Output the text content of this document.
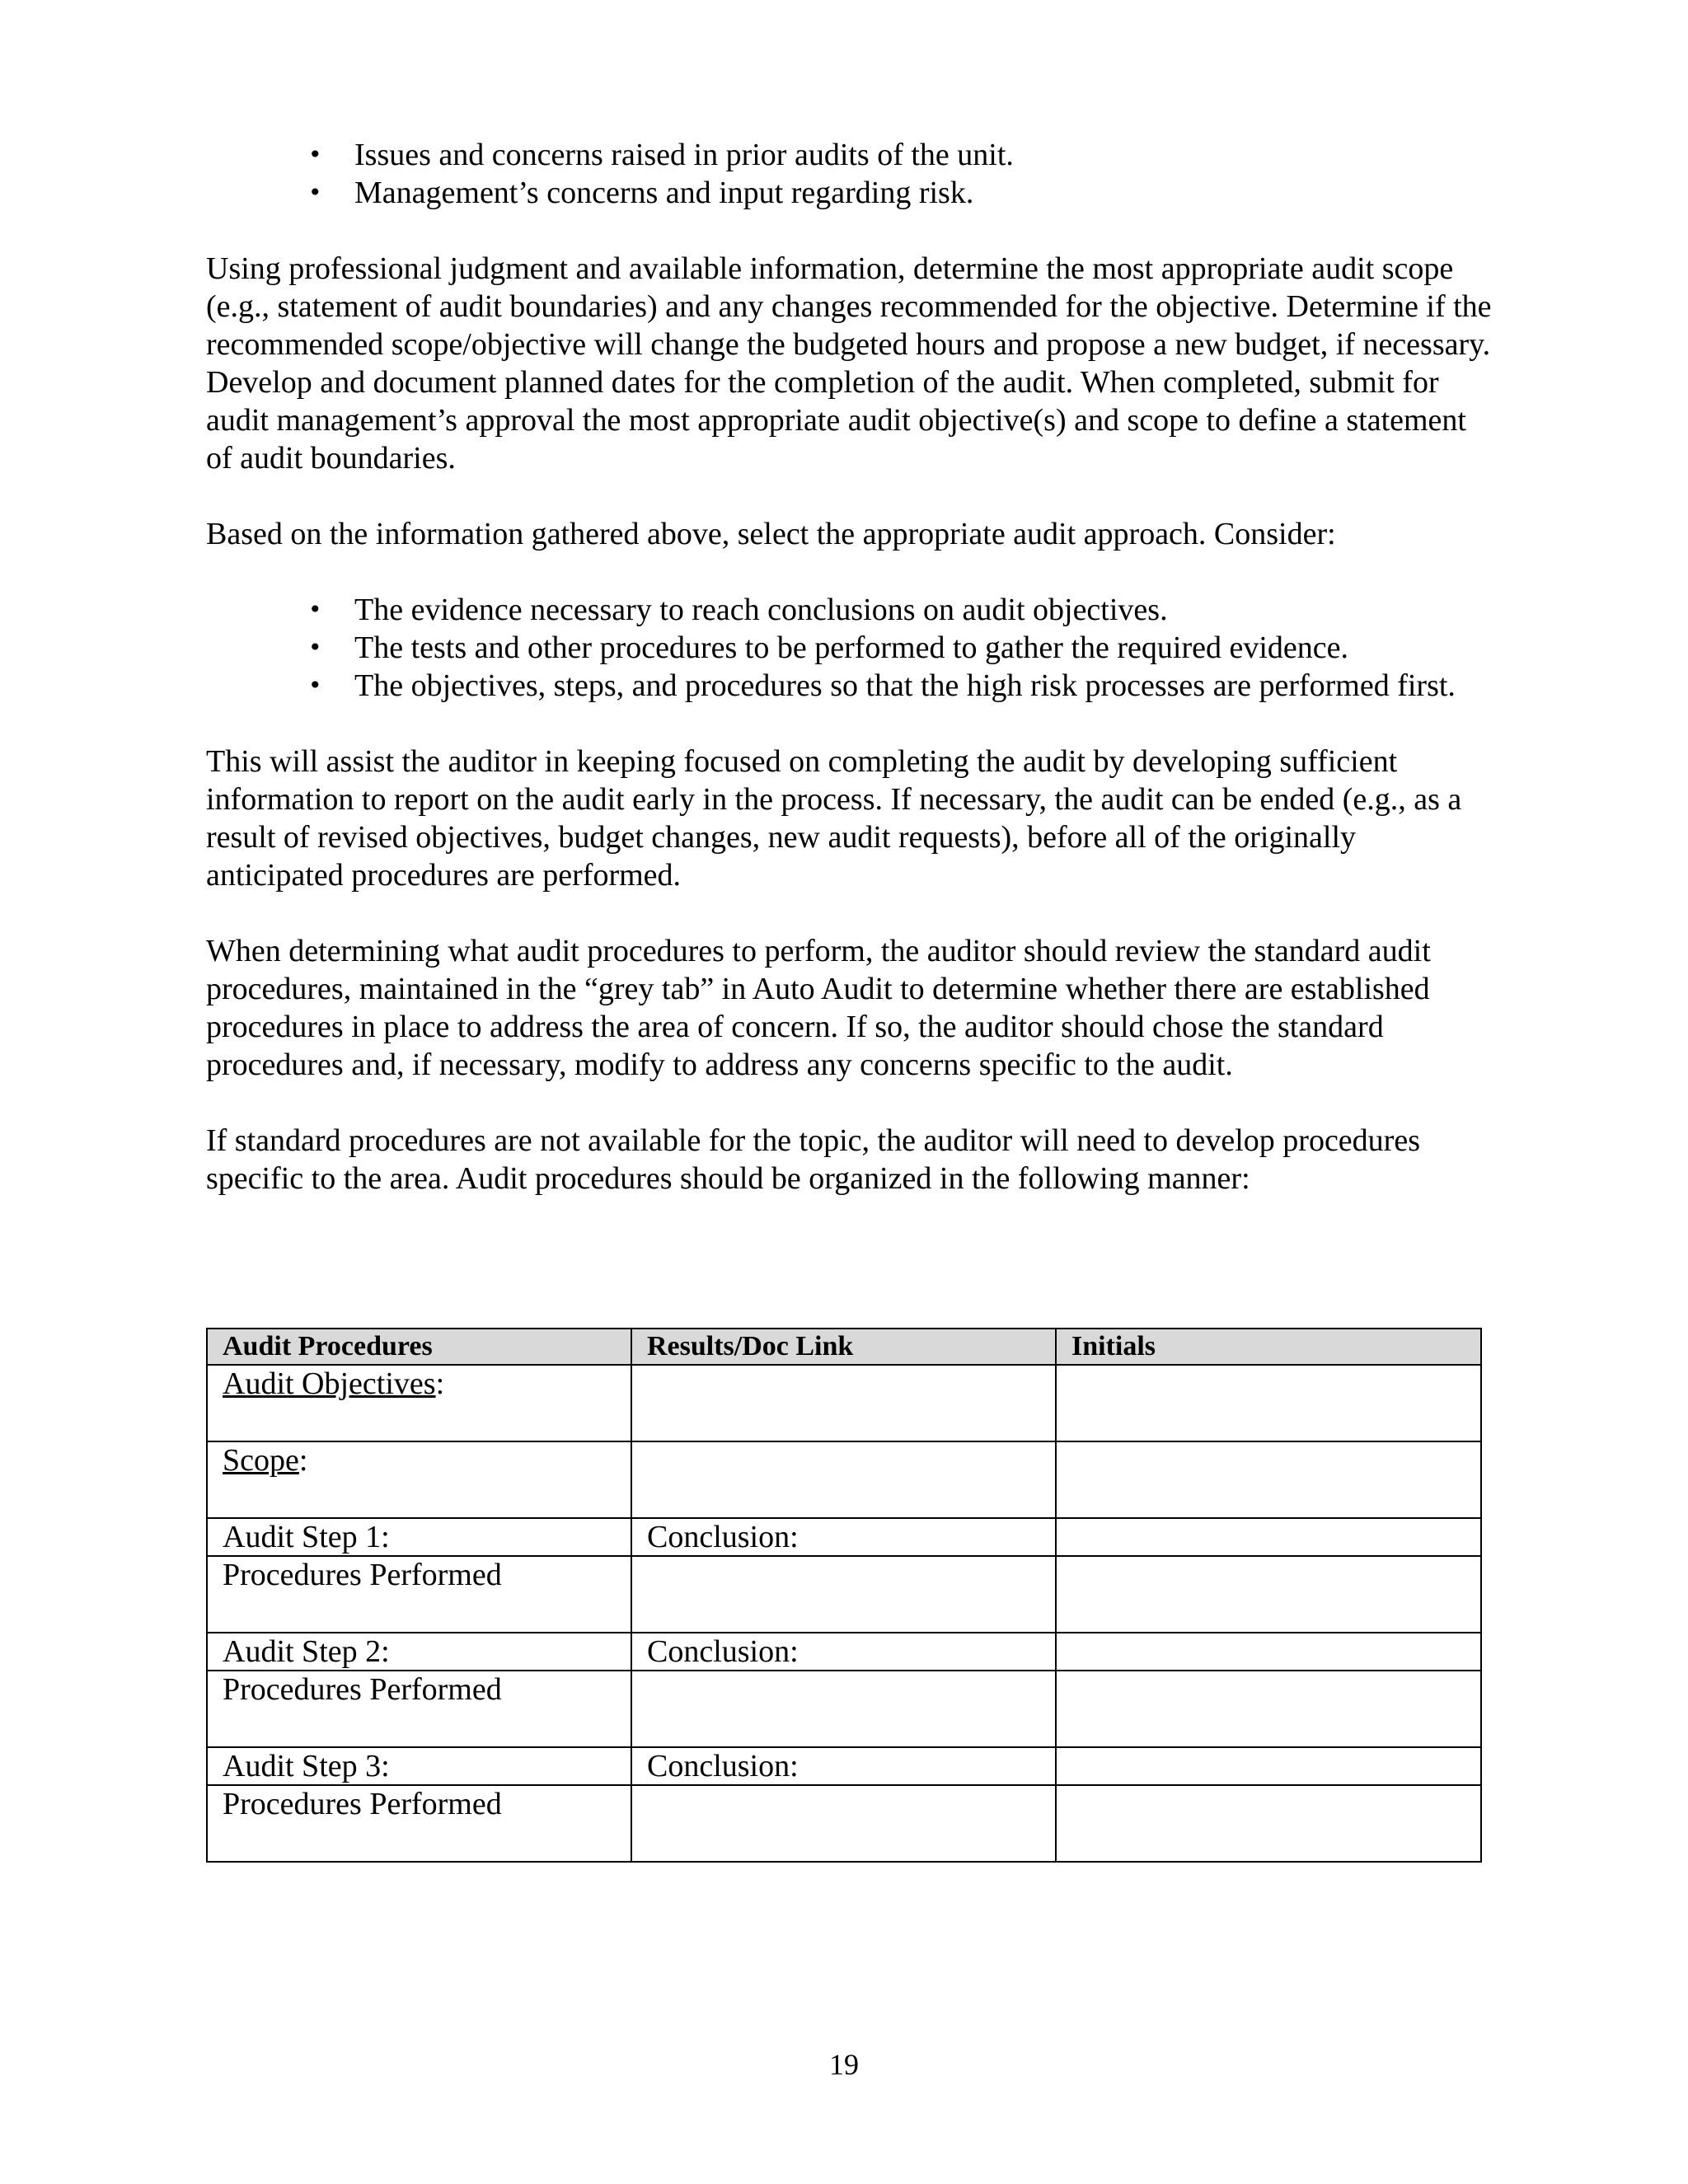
• Issues and concerns raised in prior audits of the unit.
• Management’s concerns and input regarding risk.

Using professional judgment and available information, determine the most appropriate audit scope (e.g., statement of audit boundaries) and any changes recommended for the objective. Determine if the recommended scope/objective will change the budgeted hours and propose a new budget, if necessary. Develop and document planned dates for the completion of the audit. When completed, submit for audit management’s approval the most appropriate audit objective(s) and scope to define a statement of audit boundaries.

Based on the information gathered above, select the appropriate audit approach. Consider:

• The evidence necessary to reach conclusions on audit objectives.
• The tests and other procedures to be performed to gather the required evidence.
• The objectives, steps, and procedures so that the high risk processes are performed first.

This will assist the auditor in keeping focused on completing the audit by developing sufficient information to report on the audit early in the process. If necessary, the audit can be ended (e.g., as a result of revised objectives, budget changes, new audit requests), before all of the originally anticipated procedures are performed.

When determining what audit procedures to perform, the auditor should review the standard audit procedures, maintained in the “grey tab” in Auto Audit to determine whether there are established procedures in place to address the area of concern. If so, the auditor should chose the standard procedures and, if necessary, modify to address any concerns specific to the audit.

If standard procedures are not available for the topic, the auditor will need to develop procedures specific to the area. Audit procedures should be organized in the following manner:

Audit Procedures	Results/Doc Link	Initials
Audit Objectives:		
Scope:		
Audit Step 1:	Conclusion:	
Procedures Performed		
Audit Step 2:	Conclusion:	
Procedures Performed		
Audit Step 3:	Conclusion:	
Procedures Performed		
19
